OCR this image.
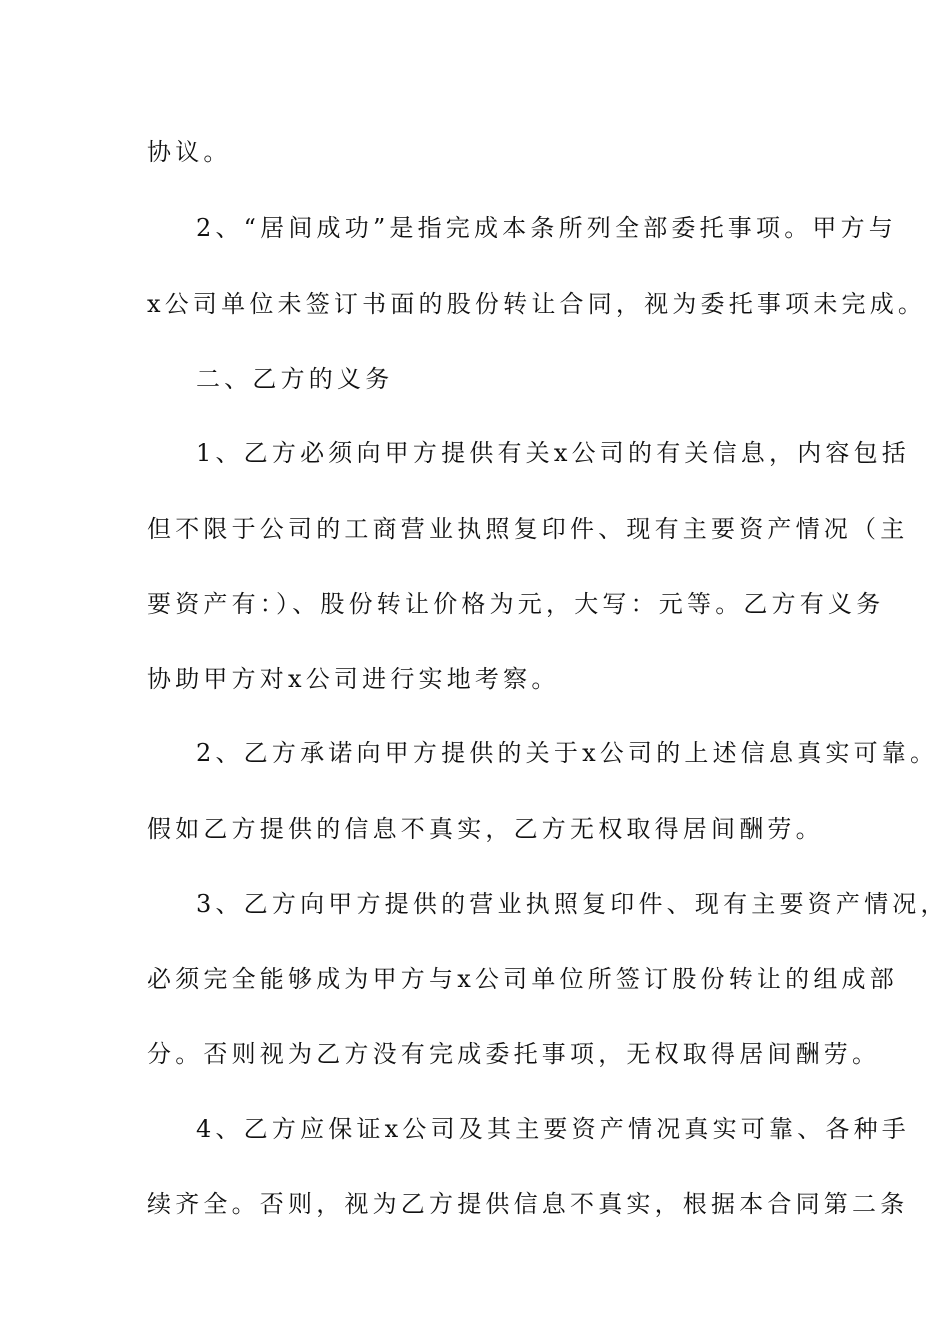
协议。
2、“居间成功”是指完成本条所列全部委托事项。甲方与
x公司单位未签订书面的股份转让合同，视为委托事项未完成。
二、乙方的义务
1、乙方必须向甲方提供有关x公司的有关信息，内容包括
但不限于公司的工商营业执照复印件、现有主要资产情况（主
要资产有：）、股份转让价格为元，大写：元等。乙方有义务
协助甲方对x公司进行实地考察。
2、乙方承诺向甲方提供的关于x公司的上述信息真实可靠。
假如乙方提供的信息不真实，乙方无权取得居间酬劳。
3、乙方向甲方提供的营业执照复印件、现有主要资产情况，
必须完全能够成为甲方与x公司单位所签订股份转让的组成部
分。否则视为乙方没有完成委托事项，无权取得居间酬劳。
4、乙方应保证x公司及其主要资产情况真实可靠、各种手
续齐全。否则，视为乙方提供信息不真实，根据本合同第二条
